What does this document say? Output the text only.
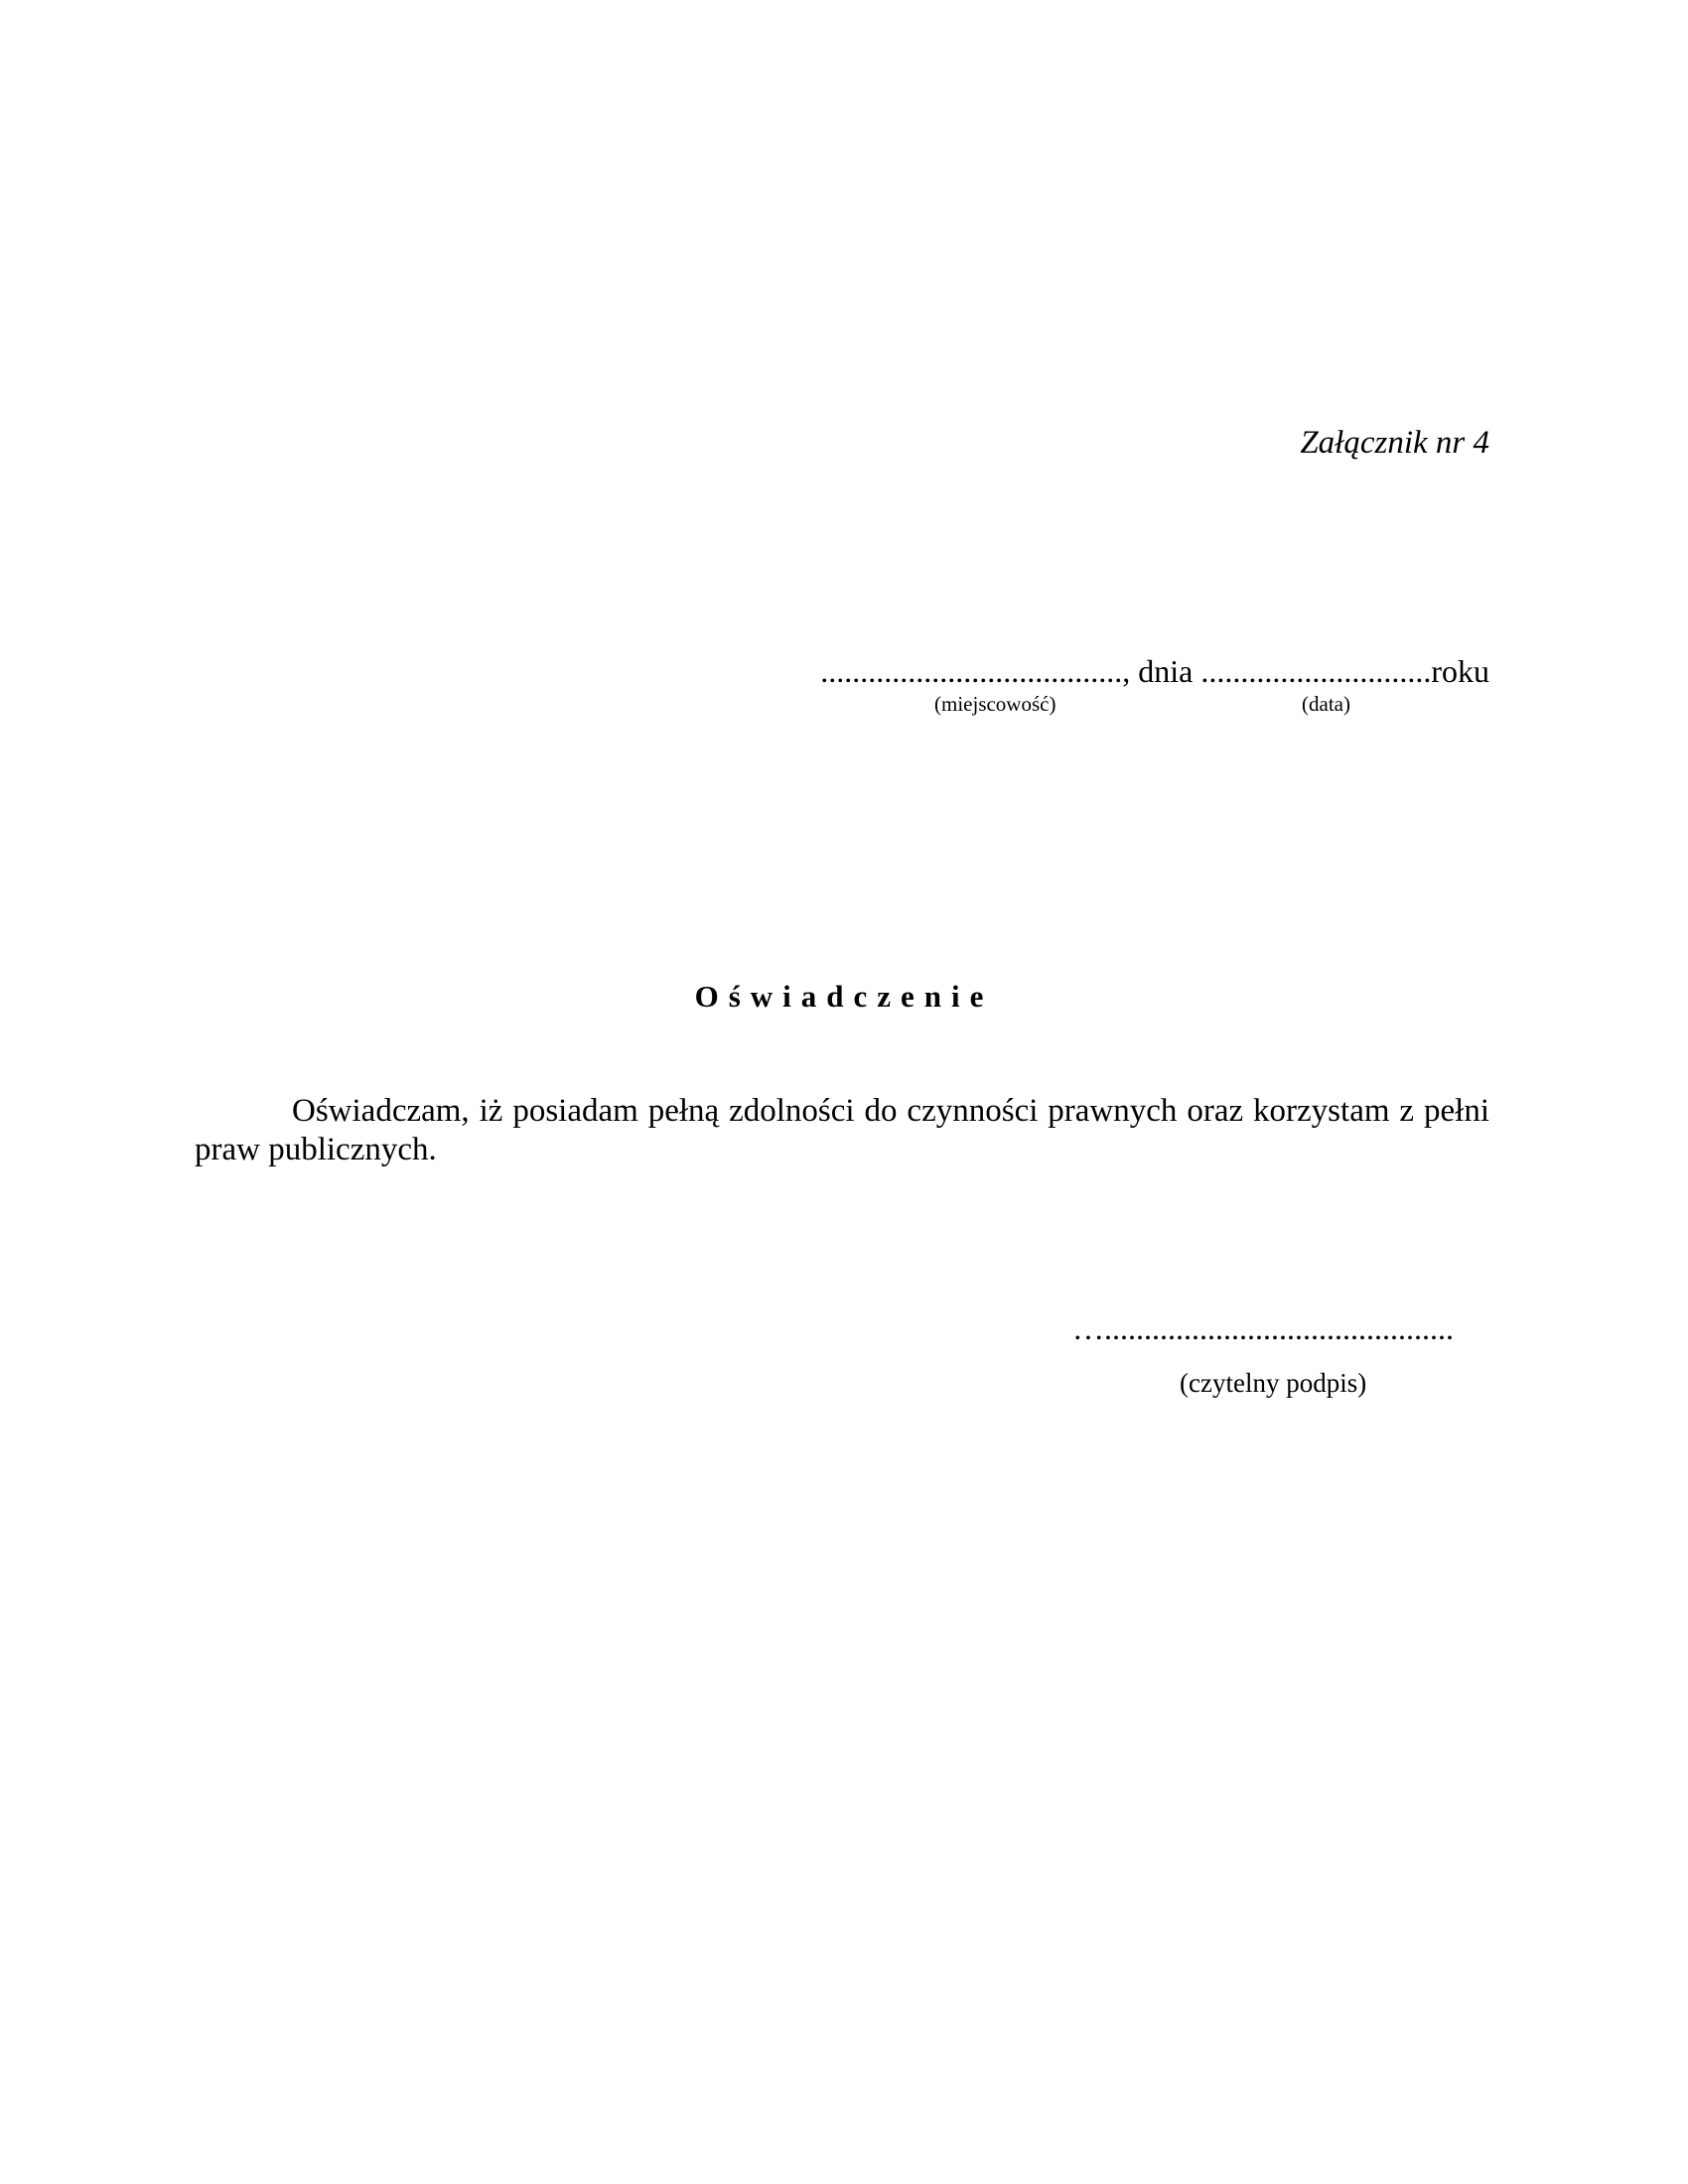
Załącznik nr 4
......................................, dnia .............................roku
(miejscowość)	(data)
Oświadczenie
Oświadczam, iż posiadam pełną zdolności do czynności prawnych oraz korzystam z pełni praw publicznych.
…............................................
(czytelny podpis)
